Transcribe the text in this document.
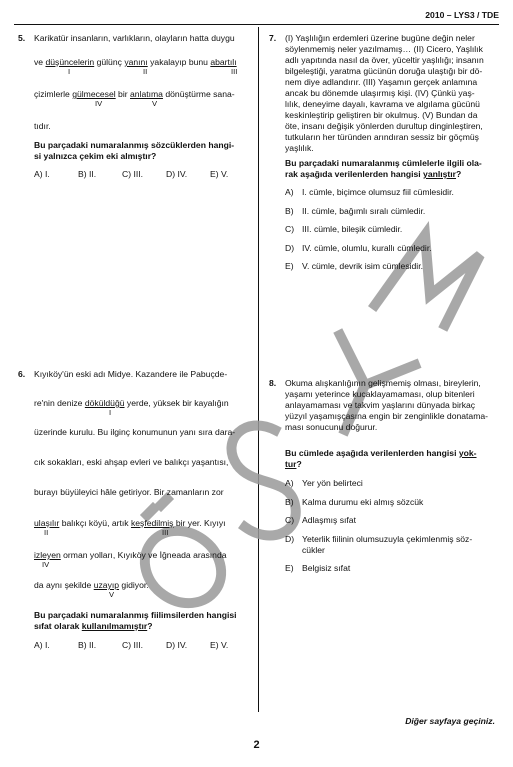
2010 – LYS3 / TDE
5. Karikatür insanların, varlıkların, olayların hatta duygu
ve düşüncelerin gülünç yanını yakalayıp bunu abartılı
I	II	III
çizimlerle gülmecesel bir anlatıma dönüştürme sana-
IV	V
tıdır.
Bu parçadaki numaralanmış sözcüklerden hangi-
si yalnızca çekim eki almıştır?
A) I.	B) II.	C) III.	D) IV.	E) V.
6. Kıyıköy'ün eski adı Midye. Kazandere ile Pabuçde-
re'nin denize döküldüğü yerde, yüksek bir kayalığın
I
üzerinde kurulu. Bu ilginç konumunun yanı sıra dara-
cık sokakları, eski ahşap evleri ve balıkçı yaşantısı,
burayı büyüleyici hâle getiriyor. Bir zamanların zor
ulaşılır balıkçı köyü, artık keşfedilmiş bir yer. Kıyıyı
II	III
izleyen orman yolları, Kıyıköy ve İğneada arasında
IV
da aynı şekilde uzayıp gidiyor.
V
Bu parçadaki numaralanmış fiilimsilerden hangisi
sıfat olarak kullanılmamıştır?
A) I.	B) II.	C) III.	D) IV.	E) V.
7. (I) Yaşlılığın erdemleri üzerine bugüne değin neler
söylenmemiş neler yazılmamış… (II) Cicero, Yaşlılık
adlı yapıtında nasıl da över, yüceltir yaşlılığı; insanın
bilgeleştiği, yaratma gücünün doruğa ulaştığı bir dö-
nem diye adlandırır. (III) Yaşamın gerçek anlamına
ancak bu dönemde ulaşırmış kişi. (IV) Çünkü yaş-
lılık, deneyime dayalı, kavrama ve algılama gücünü
keskinleştirip geliştiren bir okulmuş. (V) Bundan da
öte, insanı değişik yönlerden durultup dinginleştiren,
tutkuların her türünden arındıran sessiz bir göçmüş
yaşlılık.
Bu parçadaki numaralanmış cümlelerle ilgili ola-
rak aşağıda verilenlerden hangisi yanlıştır?
A) I. cümle, biçimce olumsuz fiil cümlesidir.
B) II. cümle, bağımlı sıralı cümledir.
C) III. cümle, bileşik cümledir.
D) IV. cümle, olumlu, kurallı cümledir.
E) V. cümle, devrik isim cümlesidir.
8. Okuma alışkanlığının gelişmemiş olması, bireylerin,
yaşamı yeterince kucaklayamaması, olup bitenleri
anlayamaması ve takvim yaşlarını dünyada birkaç
yüzyıl yaşamışçasına engin bir zenginlikle donatama-
ması sonucunu doğurur.
Bu cümlede aşağıda verilenlerden hangisi yok-
tur?
A) Yer yön belirteci
B) Kalma durumu eki almış sözcük
C) Adlaşmış sıfat
D) Yeterlik fiilinin olumsuzuyla çekimlenmiş söz-
cükler
E) Belgisiz sıfat
Diğer sayfaya geçiniz.
2
